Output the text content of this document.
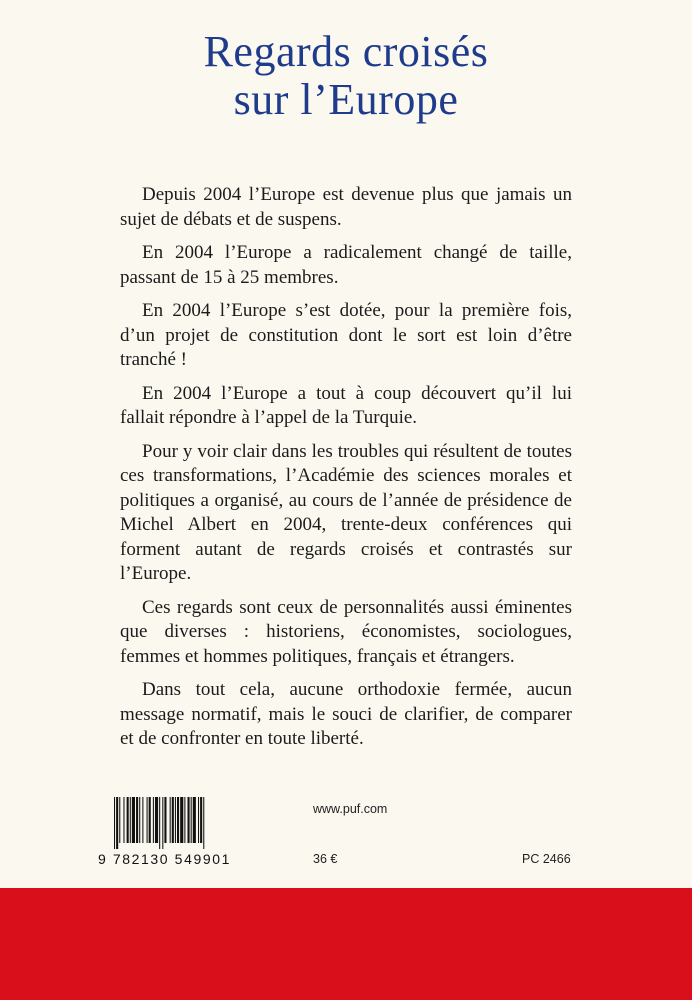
Regards croisés
sur l’Europe

Depuis 2004 l’Europe est devenue plus que jamais un sujet de débats et de suspens.

En 2004 l’Europe a radicalement changé de taille, passant de 15 à 25 membres.

En 2004 l’Europe s’est dotée, pour la première fois, d’un projet de constitution dont le sort est loin d’être tranché !

En 2004 l’Europe a tout à coup découvert qu’il lui fallait répondre à l’appel de la Turquie.

Pour y voir clair dans les troubles qui résultent de toutes ces transformations, l’Académie des sciences morales et politiques a organisé, au cours de l’année de présidence de Michel Albert en 2004, trente-deux conférences qui forment autant de regards croisés et contrastés sur l’Europe.

Ces regards sont ceux de personnalités aussi éminentes que diverses : historiens, économistes, sociologues, femmes et hommes politiques, français et étrangers.

Dans tout cela, aucune orthodoxie fermée, aucun message normatif, mais le souci de clarifier, de comparer et de confronter en toute liberté.

9 782130 549901
www.puf.com
36 €	PC 2466
